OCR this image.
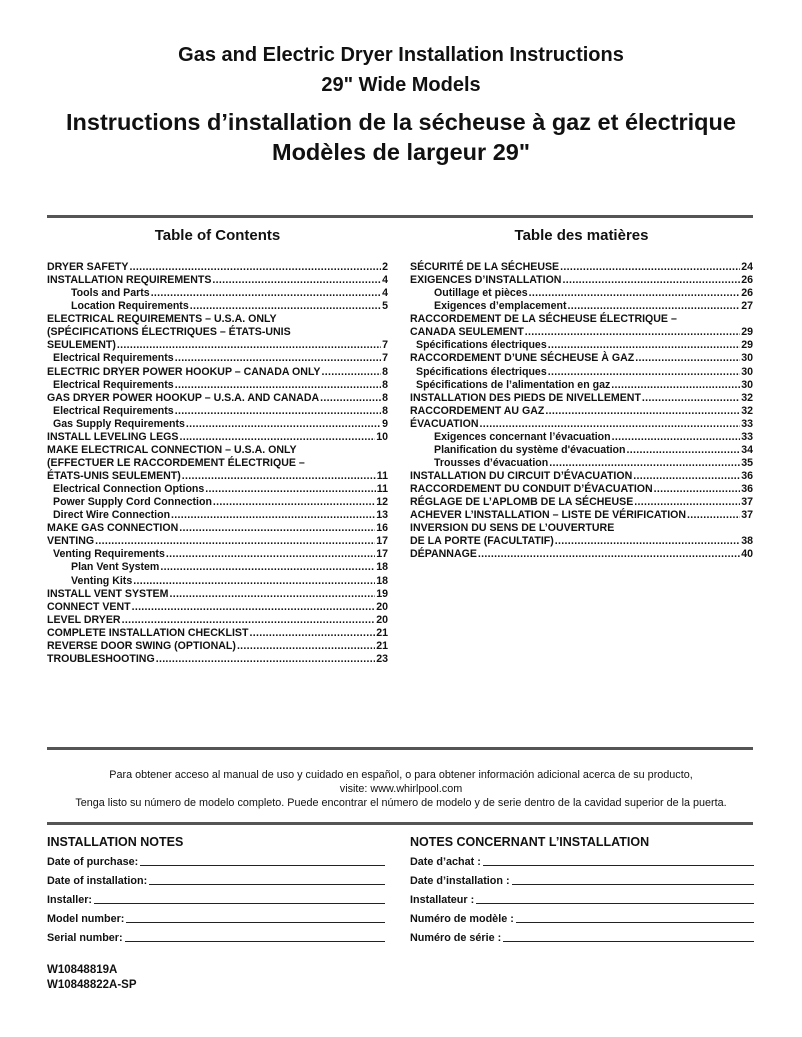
Gas and Electric Dryer Installation Instructions
29" Wide Models
Instructions d’installation de la sécheuse à gaz et électrique
Modèles de largeur 29"
Table of Contents	Table des matières
DRYER SAFETY .....	2
INSTALLATION REQUIREMENTS .....	4
Tools and Parts .....	4
Location Requirements .....	5
ELECTRICAL REQUIREMENTS – U.S.A. ONLY
(SPÉCIFICATIONS ÉLECTRIQUES – ÉTATS-UNIS
SEULEMENT) .....	7
Electrical Requirements .....	7
ELECTRIC DRYER POWER HOOKUP – CANADA ONLY .....	8
Electrical Requirements .....	8
GAS DRYER POWER HOOKUP – U.S.A. AND CANADA .....	8
Electrical Requirements .....	8
Gas Supply Requirements .....	9
INSTALL LEVELING LEGS .....	10
MAKE ELECTRICAL CONNECTION – U.S.A. ONLY
(EFFECTUER LE RACCORDEMENT ÉLECTRIQUE –
ÉTATS-UNIS SEULEMENT) .....	11
Electrical Connection Options .....	11
Power Supply Cord Connection .....	12
Direct Wire Connection .....	13
MAKE GAS CONNECTION .....	16
VENTING .....	17
Venting Requirements .....	17
Plan Vent System .....	18
Venting Kits .....	18
INSTALL VENT SYSTEM .....	19
CONNECT VENT .....	20
LEVEL DRYER .....	20
COMPLETE INSTALLATION CHECKLIST .....	21
REVERSE DOOR SWING (OPTIONAL) .....	21
TROUBLESHOOTING .....	23
SÉCURITÉ DE LA SÉCHEUSE .....	24
EXIGENCES D’INSTALLATION .....	26
Outillage et pièces .....	26
Exigences d’emplacement .....	27
RACCORDEMENT DE LA SÉCHEUSE ÉLECTRIQUE –
CANADA SEULEMENT .....	29
Spécifications électriques .....	29
RACCORDEMENT D’UNE SÉCHEUSE À GAZ .....	30
Spécifications électriques .....	30
Spécifications de l’alimentation en gaz .....	30
INSTALLATION DES PIEDS DE NIVELLEMENT .....	32
RACCORDEMENT AU GAZ .....	32
ÉVACUATION .....	33
Exigences concernant l’évacuation .....	33
Planification du système d'évacuation .....	34
Trousses d’évacuation .....	35
INSTALLATION DU CIRCUIT D’ÉVACUATION .....	36
RACCORDEMENT DU CONDUIT D’ÉVACUATION .....	36
RÉGLAGE DE L’APLOMB DE LA SÉCHEUSE .....	37
ACHEVER L’INSTALLATION – LISTE DE VÉRIFICATION .....	37
INVERSION DU SENS DE L’OUVERTURE
DE LA PORTE (FACULTATIF) .....	38
DÉPANNAGE .....	40
Para obtener acceso al manual de uso y cuidado en español, o para obtener información adicional acerca de su producto,
visite: www.whirlpool.com
Tenga listo su número de modelo completo. Puede encontrar el número de modelo y de serie dentro de la cavidad superior de la puerta.
INSTALLATION NOTES
Date of purchase:
Date of installation:
Installer:
Model number:
Serial number:
NOTES CONCERNANT L’INSTALLATION
Date d’achat :
Date d’installation :
Installateur :
Numéro de modèle :
Numéro de série :
W10848819A
W10848822A-SP
